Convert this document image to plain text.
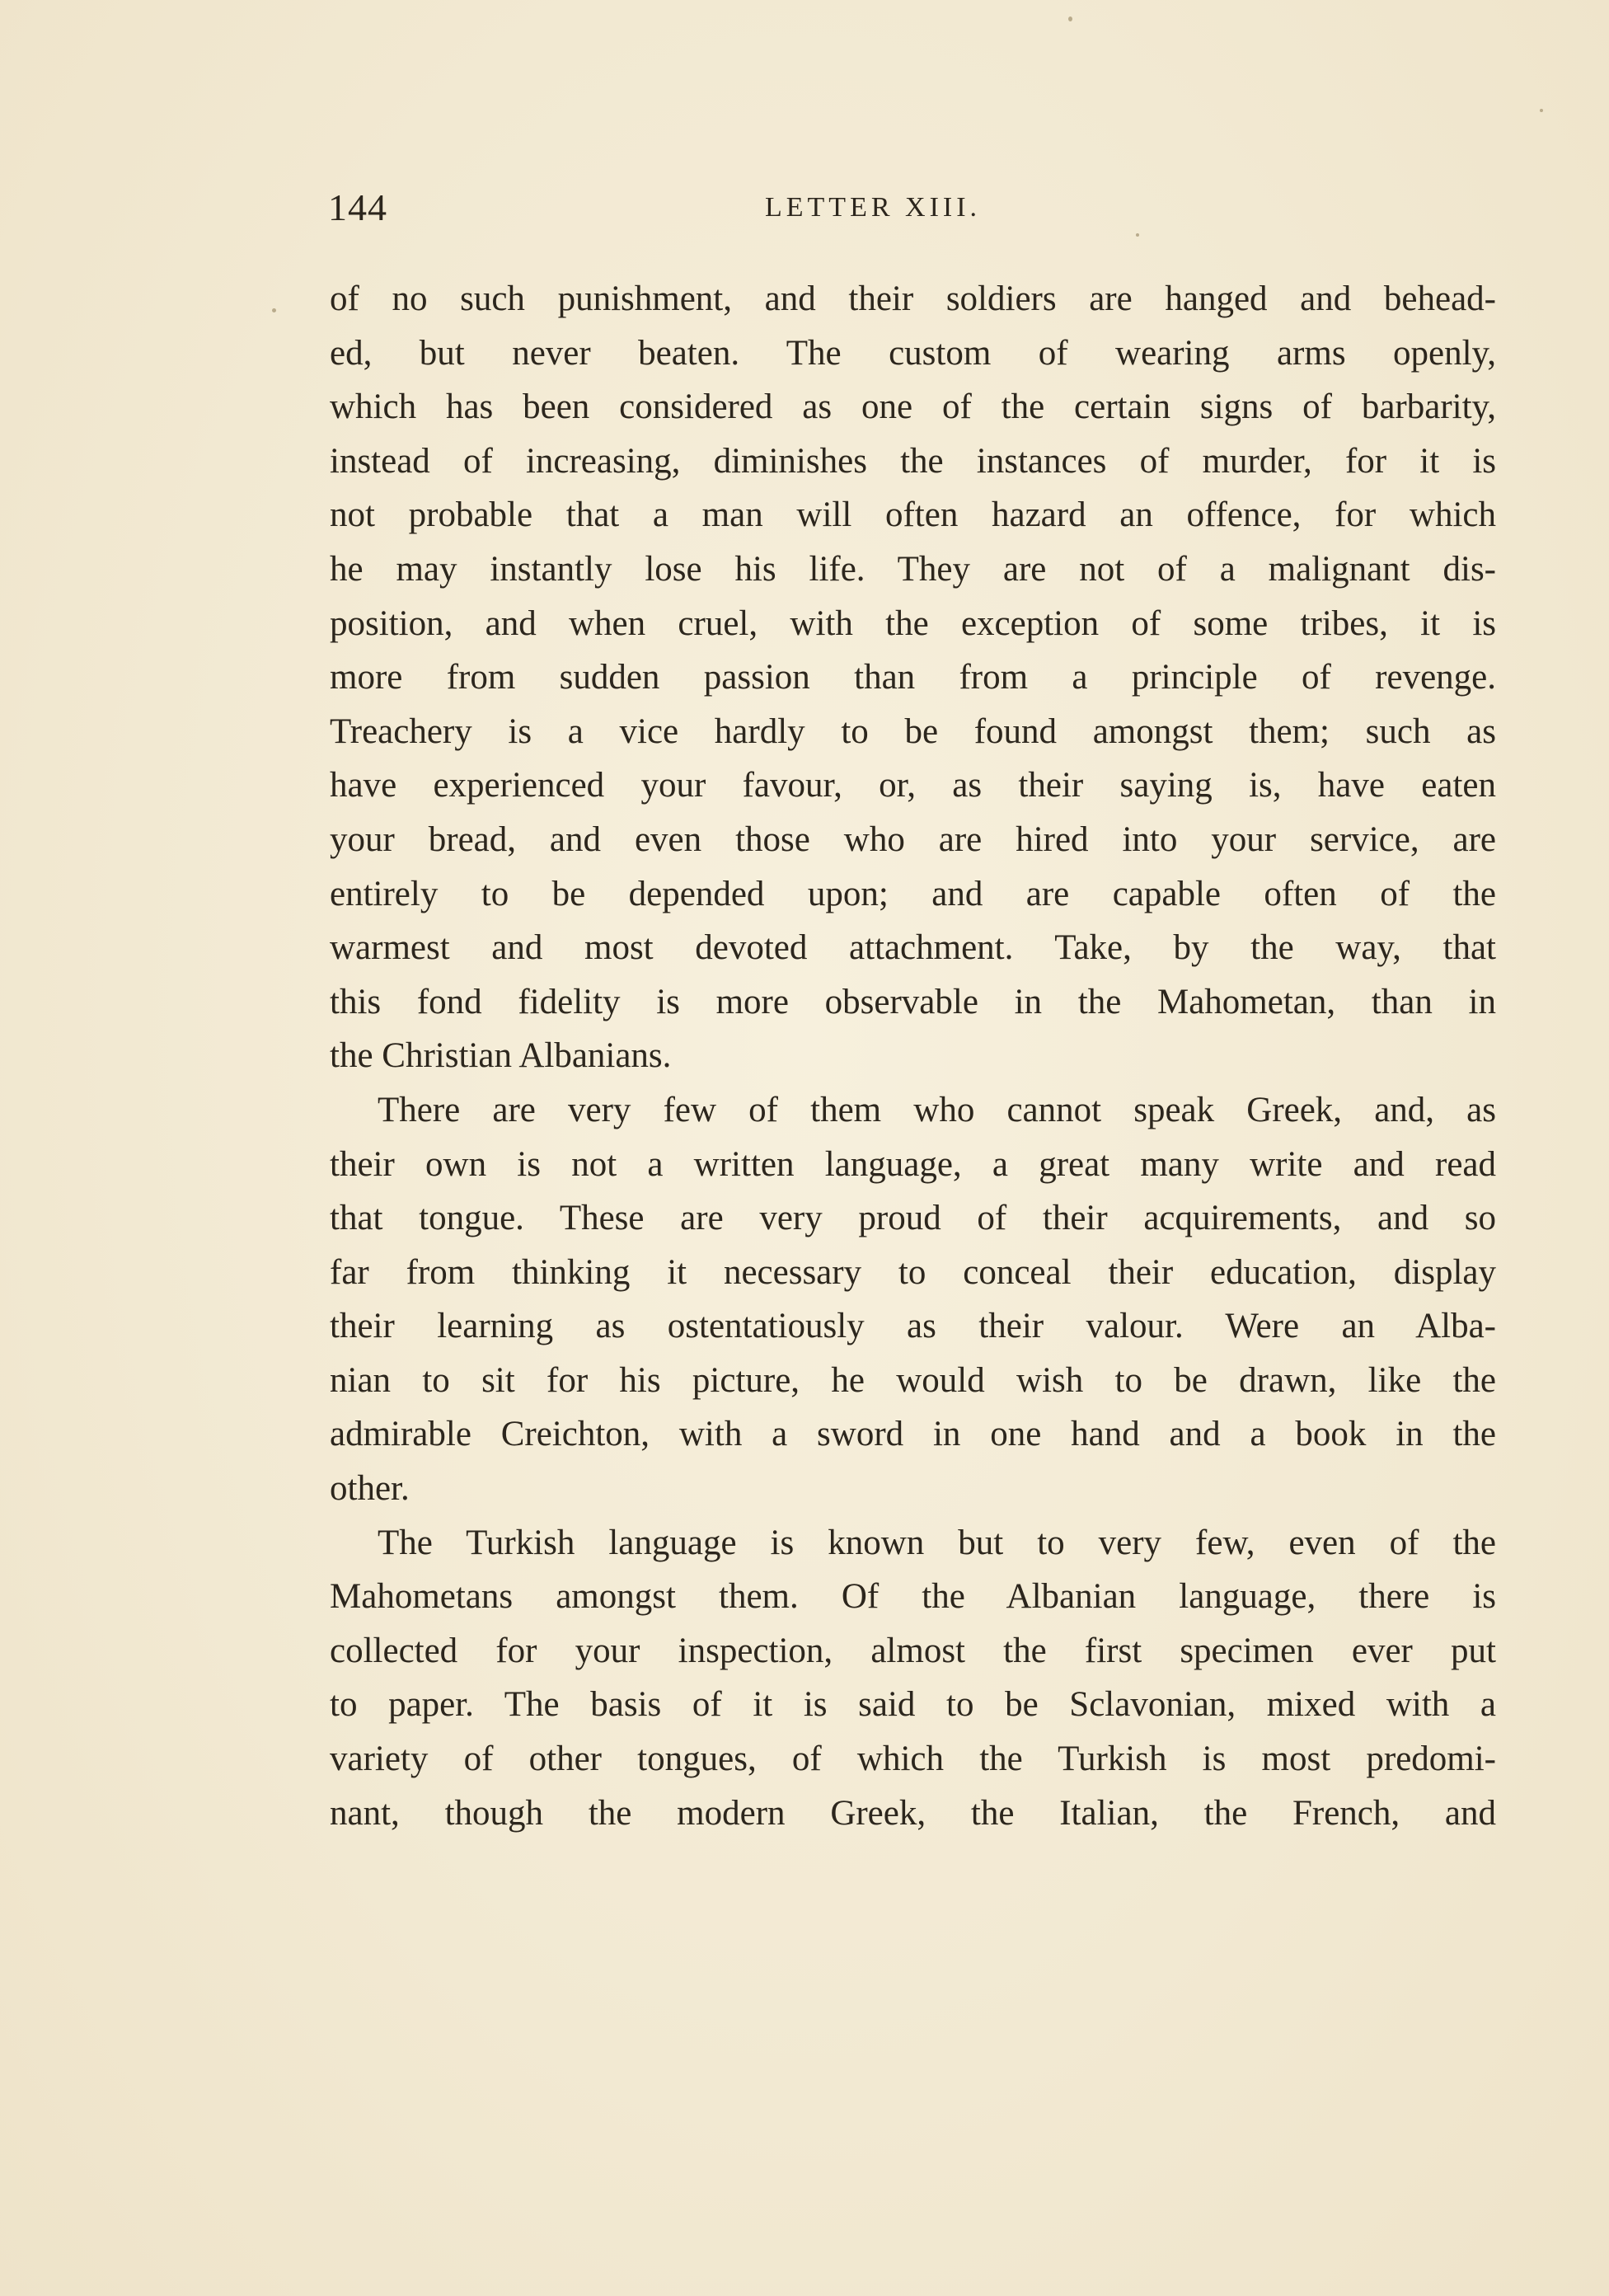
144	LETTER XIII.
of no such punishment, and their soldiers are hanged and behead-
ed, but never beaten. The custom of wearing arms openly,
which has been considered as one of the certain signs of barbarity,
instead of increasing, diminishes the instances of murder, for it is
not probable that a man will often hazard an offence, for which
he may instantly lose his life. They are not of a malignant dis-
position, and when cruel, with the exception of some tribes, it is
more from sudden passion than from a principle of revenge.
Treachery is a vice hardly to be found amongst them; such as
have experienced your favour, or, as their saying is, have eaten
your bread, and even those who are hired into your service, are
entirely to be depended upon; and are capable often of the
warmest and most devoted attachment. Take, by the way, that
this fond fidelity is more observable in the Mahometan, than in
the Christian Albanians.
There are very few of them who cannot speak Greek, and, as
their own is not a written language, a great many write and read
that tongue. These are very proud of their acquirements, and so
far from thinking it necessary to conceal their education, display
their learning as ostentatiously as their valour. Were an Alba-
nian to sit for his picture, he would wish to be drawn, like the
admirable Creichton, with a sword in one hand and a book in the
other.
The Turkish language is known but to very few, even of the
Mahometans amongst them. Of the Albanian language, there is
collected for your inspection, almost the first specimen ever put
to paper. The basis of it is said to be Sclavonian, mixed with a
variety of other tongues, of which the Turkish is most predomi-
nant, though the modern Greek, the Italian, the French, and
